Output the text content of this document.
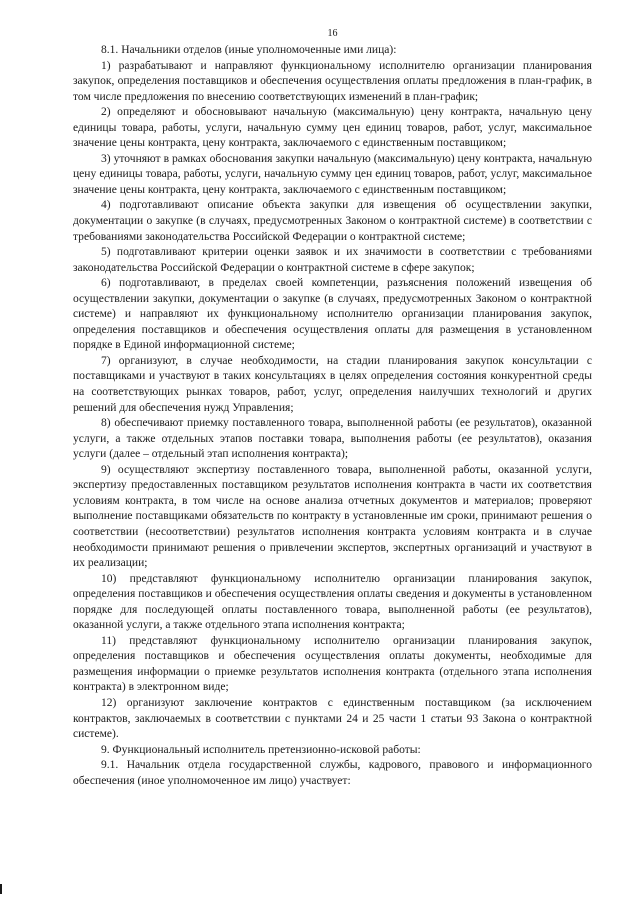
16

8.1. Начальники отделов (иные уполномоченные ими лица):

1) разрабатывают и направляют функциональному исполнителю организации планирования закупок, определения поставщиков и обеспечения осуществления оплаты предложения в план-график, в том числе предложения по внесению соответствующих изменений в план-график;

2) определяют и обосновывают начальную (максимальную) цену контракта, начальную цену единицы товара, работы, услуги, начальную сумму цен единиц товаров, работ, услуг, максимальное значение цены контракта, цену контракта, заключаемого с единственным поставщиком;

3) уточняют в рамках обоснования закупки начальную (максимальную) цену контракта, начальную цену единицы товара, работы, услуги, начальную сумму цен единиц товаров, работ, услуг, максимальное значение цены контракта, цену контракта, заключаемого с единственным поставщиком;

4) подготавливают описание объекта закупки для извещения об осуществлении закупки, документации о закупке (в случаях, предусмотренных Законом о контрактной системе) в соответствии с требованиями законодательства Российской Федерации о контрактной системе;

5) подготавливают критерии оценки заявок и их значимости в соответствии с требованиями законодательства Российской Федерации о контрактной системе в сфере закупок;

6) подготавливают, в пределах своей компетенции, разъяснения положений извещения об осуществлении закупки, документации о закупке (в случаях, предусмотренных Законом о контрактной системе) и направляют их функциональному исполнителю организации планирования закупок, определения поставщиков и обеспечения осуществления оплаты для размещения в установленном порядке в Единой информационной системе;

7) организуют, в случае необходимости, на стадии планирования закупок консультации с поставщиками и участвуют в таких консультациях в целях определения состояния конкурентной среды на соответствующих рынках товаров, работ, услуг, определения наилучших технологий и других решений для обеспечения нужд Управления;

8) обеспечивают приемку поставленного товара, выполненной работы (ее результатов), оказанной услуги, а также отдельных этапов поставки товара, выполнения работы (ее результатов), оказания услуги (далее – отдельный этап исполнения контракта);

9) осуществляют экспертизу поставленного товара, выполненной работы, оказанной услуги, экспертизу предоставленных поставщиком результатов исполнения контракта в части их соответствия условиям контракта, в том числе на основе анализа отчетных документов и материалов; проверяют выполнение поставщиками обязательств по контракту в установленные им сроки, принимают решения о соответствии (несоответствии) результатов исполнения контракта условиям контракта и в случае необходимости принимают решения о привлечении экспертов, экспертных организаций и участвуют в их реализации;

10) представляют функциональному исполнителю организации планирования закупок, определения поставщиков и обеспечения осуществления оплаты сведения и документы в установленном порядке для последующей оплаты поставленного товара, выполненной работы (ее результатов), оказанной услуги, а также отдельного этапа исполнения контракта;

11) представляют функциональному исполнителю организации планирования закупок, определения поставщиков и обеспечения осуществления оплаты документы, необходимые для размещения информации о приемке результатов исполнения контракта (отдельного этапа исполнения контракта) в электронном виде;

12) организуют заключение контрактов с единственным поставщиком (за исключением контрактов, заключаемых в соответствии с пунктами 24 и 25 части 1 статьи 93 Закона о контрактной системе).

9. Функциональный исполнитель претензионно-исковой работы:

9.1. Начальник отдела государственной службы, кадрового, правового и информационного обеспечения (иное уполномоченное им лицо) участвует:
